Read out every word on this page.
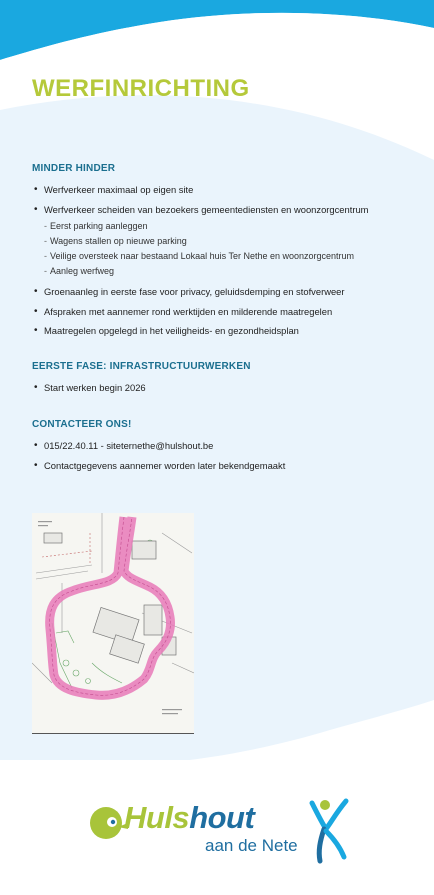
WERFINRICHTING
MINDER HINDER
• Werfverkeer maximaal op eigen site
• Werfverkeer scheiden van bezoekers gemeentediensten en woonzorgcentrum
- Eerst parking aanleggen
- Wagens stallen op nieuwe parking
- Veilige oversteek naar bestaand Lokaal huis Ter Nethe en woonzorgcentrum
- Aanleg werfweg
• Groenaanleg in eerste fase voor privacy, geluidsdemping en stofverweer
• Afspraken met aannemer rond werktijden en milderende maatregelen
• Maatregelen opgelegd in het veiligheids- en gezondheidsplan
EERSTE FASE: INFRASTRUCTUURWERKEN
• Start werken begin 2026
CONTACTEER ONS!
• 015/22.40.11 - siteternethe@hulshout.be
• Contactgegevens aannemer worden later bekendgemaakt
Hulshout
aan de Nete
